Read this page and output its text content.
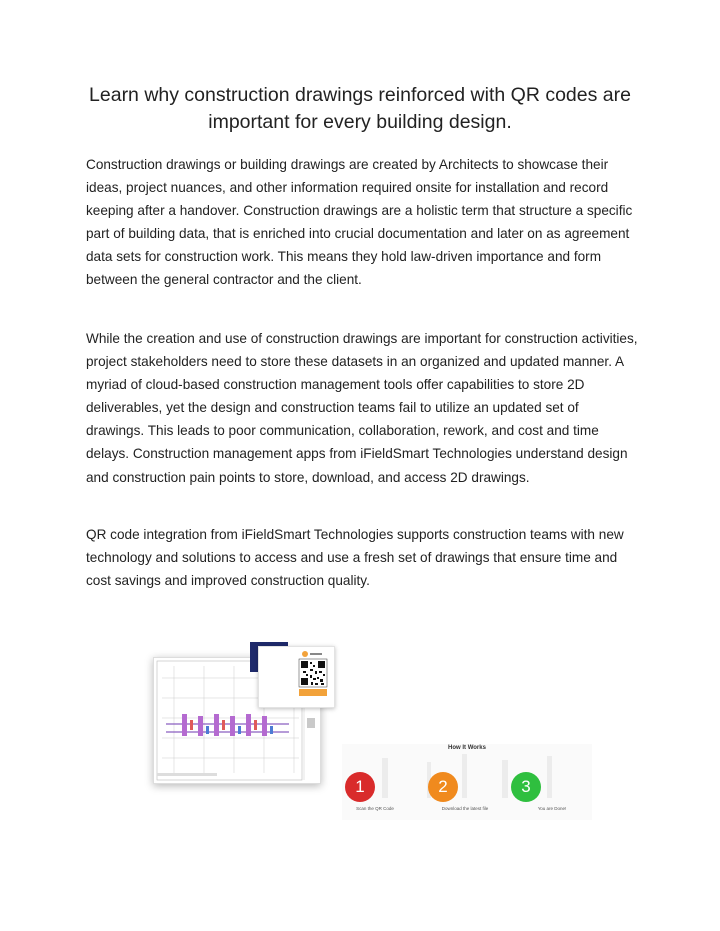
Learn why construction drawings reinforced with QR codes are important for every building design.
Construction drawings or building drawings are created by Architects to showcase their ideas, project nuances, and other information required onsite for installation and record keeping after a handover. Construction drawings are a holistic term that structure a specific part of building data, that is enriched into crucial documentation and later on as agreement data sets for construction work. This means they hold law-driven importance and form between the general contractor and the client.
While the creation and use of construction drawings are important for construction activities, project stakeholders need to store these datasets in an organized and updated manner. A myriad of cloud-based construction management tools offer capabilities to store 2D deliverables, yet the design and construction teams fail to utilize an updated set of drawings. This leads to poor communication, collaboration, rework, and cost and time delays. Construction management apps from iFieldSmart Technologies understand design and construction pain points to store, download, and access 2D drawings.
QR code integration from iFieldSmart Technologies supports construction teams with new technology and solutions to access and use a fresh set of drawings that ensure time and cost savings and improved construction quality.
How It Works
1	2	3
Scan the QR Code	Download the latest file	You are Done!
